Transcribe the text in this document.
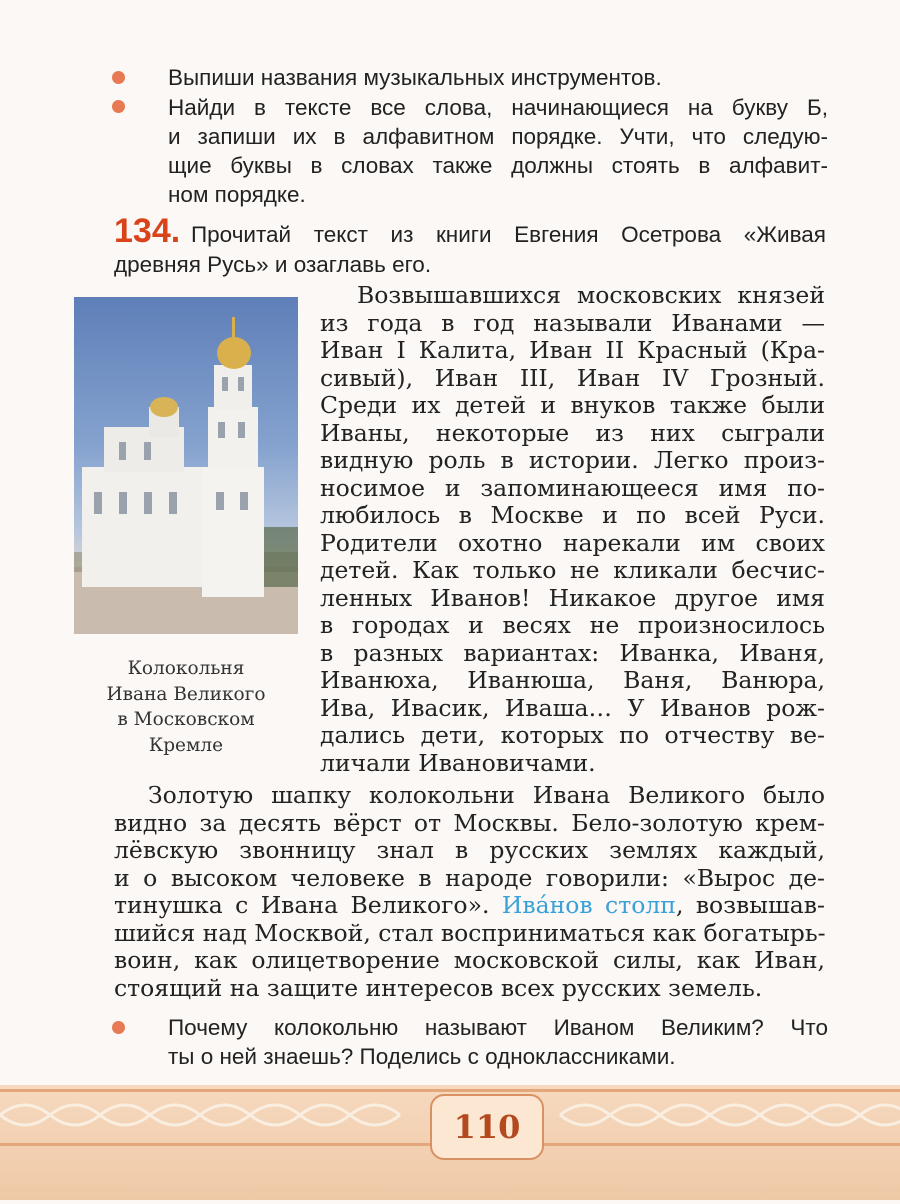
Выпиши названия музыкальных инструментов.
Найди в тексте все слова, начинающиеся на букву Б,
и запиши их в алфавитном порядке. Учти, что следую-
щие буквы в словах также должны стоять в алфавит-
ном порядке.
134. Прочитай текст из книги Евгения Осетрова «Живая
древняя Русь» и озаглавь его.
Колокольня
Ивана Великого
в Московском
Кремле
Возвышавшихся московских князей
из года в год называли Иванами —
Иван I Калита, Иван II Красный (Кра-
сивый), Иван III, Иван IV Грозный.
Среди их детей и внуков также были
Иваны, некоторые из них сыграли
видную роль в истории. Легко произ-
носимое и запоминающееся имя по-
любилось в Москве и по всей Руси.
Родители охотно нарекали им своих
детей. Как только не кликали бесчис-
ленных Иванов! Никакое другое имя
в городах и весях не произносилось
в разных вариантах: Иванка, Иваня,
Иванюха, Иванюша, Ваня, Ванюра,
Ива, Ивасик, Иваша… У Иванов рож-
дались дети, которых по отчеству ве-
личали Ивановичами.
Золотую шапку колокольни Ивана Великого было
видно за десять вёрст от Москвы. Бело-золотую крем-
лёвскую звонницу знал в русских землях каждый,
и о высоком человеке в народе говорили: «Вырос де-
тинушка с Ивана Великого». Ива́нов столп, возвышав-
шийся над Москвой, стал восприниматься как богатырь-
воин, как олицетворение московской силы, как Иван,
стоящий на защите интересов всех русских земель.
Почему колокольню называют Иваном Великим? Что
ты о ней знаешь? Поделись с одноклассниками.
110
